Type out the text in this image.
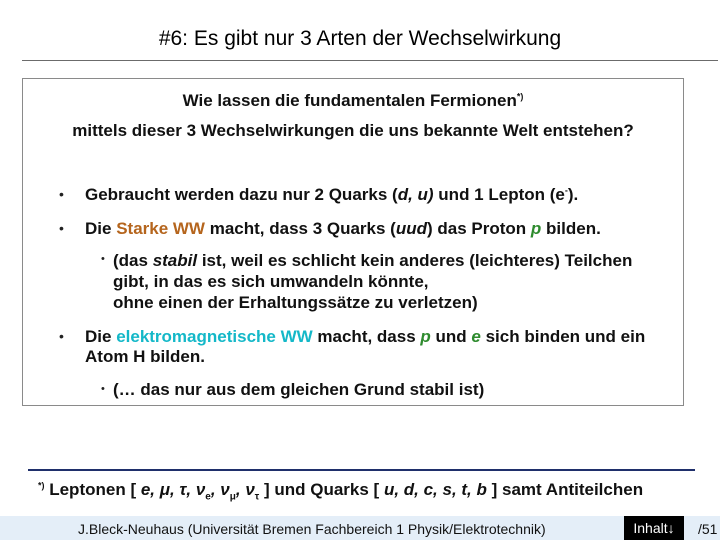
#6: Es gibt nur 3 Arten der Wechselwirkung
Wie lassen die fundamentalen Fermionen*)
mittels dieser 3 Wechselwirkungen die uns bekannte Welt entstehen?
• Gebraucht werden dazu nur 2 Quarks (d, u) und 1 Lepton (e-).
• Die Starke WW macht, dass 3 Quarks (uud) das Proton p bilden.
• (das stabil ist, weil es schlicht kein anderes (leichteres) Teilchen
gibt, in das es sich umwandeln könnte,
ohne einen der Erhaltungssätze zu verletzen)
• Die elektromagnetische WW macht, dass p und e sich binden und ein
Atom H bilden.
• (… das nur aus dem gleichen Grund stabil ist)
*) Leptonen [ e, μ, τ, $\nu_e$, $\nu_\mu$, $\nu_\tau$ ] und Quarks [ u, d, c, s, t, b ] samt Antiteilchen
J.Bleck-Neuhaus (Universität Bremen Fachbereich 1 Physik/Elektrotechnik)	Inhalt↓	/51
